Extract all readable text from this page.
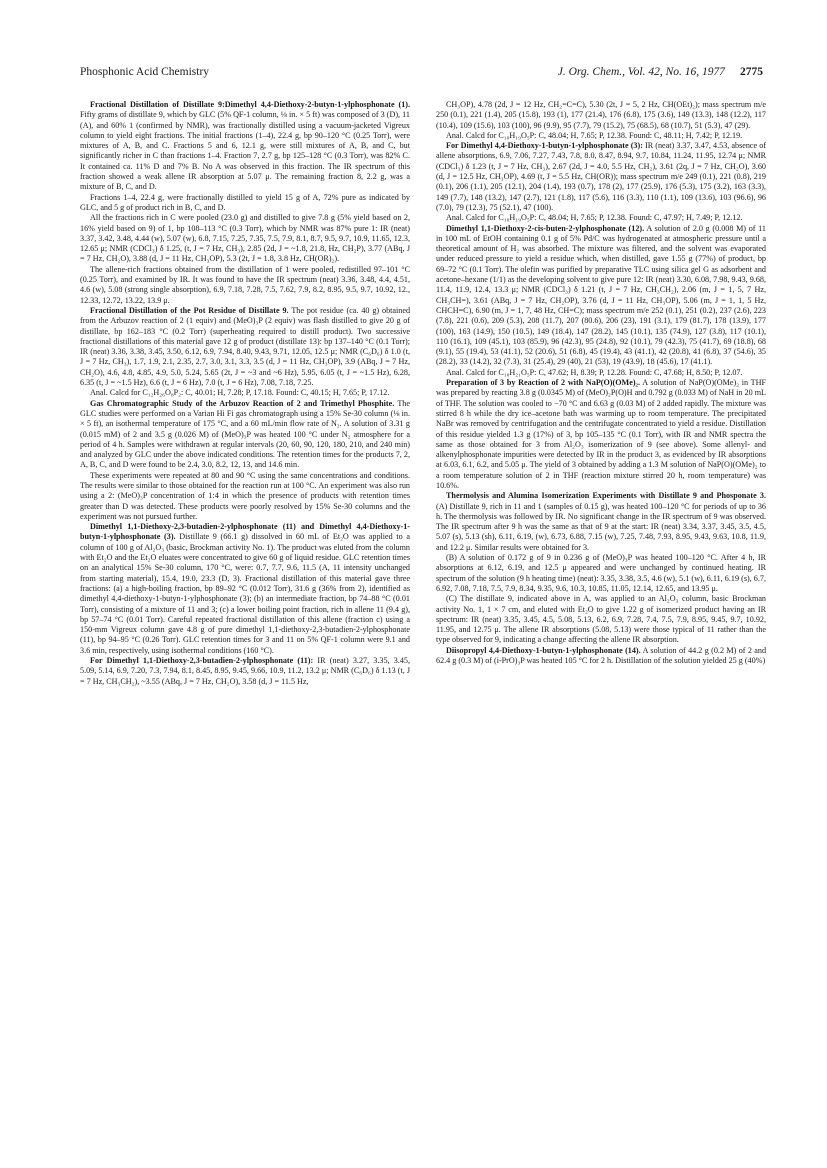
Phosphonic Acid Chemistry	J. Org. Chem., Vol. 42, No. 16, 1977 2775

Fractional Distillation of Distillate 9:Dimethyl 4,4-Diethoxy-2-butyn-1-ylphosphonate (1). Fifty grams of distillate 9, which by GLC (5% QF-1 column, ⅛ in. × 5 ft) was composed of 3 (D), 11 (A), and 60% 1 (confirmed by NMR), was fractionally distilled using a vacuum-jacketed Vigreux column to yield eight fractions. The initial fractions (1–4), 22.4 g, bp 90–120 °C (0.25 Torr), were mixtures of A, B, and C. Fractions 5 and 6, 12.1 g, were still mixtures of A, B, and C, but significantly richer in C than fractions 1–4. Fraction 7, 2.7 g, bp 125–128 °C (0.3 Torr), was 82% C. It contained ca. 11% D and 7% B. No A was observed in this fraction. The IR spectrum of this fraction showed a weak allene IR absorption at 5.07 μ. The remaining fraction 8, 2.2 g, was a mixture of B, C, and D.

Fractions 1–4, 22.4 g, were fractionally distilled to yield 15 g of A, 72% pure as indicated by GLC, and 5 g of product rich in B, C, and D.

All the fractions rich in C were pooled (23.0 g) and distilled to give 7.8 g (5% yield based on 2, 16% yield based on 9) of 1, bp 108–113 °C (0.3 Torr), which by NMR was 87% pure 1: IR (neat) 3.37, 3.42, 3.48, 4.44 (w), 5.07 (w), 6.8, 7.15, 7.25, 7.35, 7.5, 7.9, 8.1, 8.7, 9.5, 9.7, 10.9, 11.65, 12.3, 12.65 μ; NMR (CDCl₃) δ 1.25, (t, J = 7 Hz, CH₃), 2.85 (2d, J = ~1.8, 21.8, Hz, CH₂P), 3.77 (ABq, J = 7 Hz, CH₂O), 3.88 (d, J = 11 Hz, CH₃OP), 5.3 (2t, J = 1.8, 3.8 Hz, CH(OR)₂).

The allene-rich fractions obtained from the distillation of 1 were pooled, redistilled 97–101 °C (0.25 Torr), and examined by IR. It was found to have the IR spectrum (neat) 3.36, 3.48, 4.4, 4.51, 4.6 (w), 5.08 (strong single absorption), 6.9, 7.18, 7.28, 7.5, 7.62, 7.9, 8.2, 8.95, 9.5, 9.7, 10.92, 12., 12.33, 12.72, 13.22, 13.9 μ.

Fractional Distillation of the Pot Residue of Distillate 9. The pot residue (ca. 40 g) obtained from the Arbuzov reaction of 2 (1 equiv) and (MeO)₃P (2 equiv) was flash distilled to give 20 g of distillate, bp 162–183 °C (0.2 Torr) (superheating required to distill product). Two successive fractional distillations of this material gave 12 g of product (distillate 13): bp 137–140 °C (0.1 Torr); IR (neat) 3.36, 3.38, 3.45, 3.50, 6.12, 6.9, 7.94, 8.40, 9.43, 9.71, 12.05, 12.5 μ; NMR (C₆D₆) δ 1.0 (t, J = 7 Hz, CH₃), 1.7, 1.9, 2.1, 2.35, 2.7, 3.0, 3.1, 3.3, 3.5 (d, J = 11 Hz, CH₃OP), 3.9 (ABq, J = 7 Hz, CH₂O), 4.6, 4.8, 4.85, 4.9, 5.0, 5.24, 5.65 (2t, J = ~3 and ~6 Hz), 5.95, 6.05 (t, J = ~1.5 Hz), 6.28, 6.35 (t, J = ~1.5 Hz), 6.6 (t, J = 6 Hz), 7.0 (t, J = 6 Hz), 7.08, 7.18, 7.25.

Anal. Calcd for C₁₂H₂₆O₈P₂: C, 40.01; H, 7.28; P, 17.18. Found: C, 40.15; H, 7.65; P, 17.12.

Gas Chromatographic Study of the Arbuzov Reaction of 2 and Trimethyl Phosphite. The GLC studies were performed on a Varian Hi Fi gas chromatograph using a 15% Se-30 column (⅛ in. × 5 ft), an isothermal temperature of 175 °C, and a 60 mL/min flow rate of N₂. A solution of 3.31 g (0.015 mM) of 2 and 3.5 g (0.026 M) of (MeO)₃P was heated 100 °C under N₂ atmosphere for a period of 4 h. Samples were withdrawn at regular intervals (20, 60, 90, 120, 180, 210, and 240 min) and analyzed by GLC under the above indicated conditions. The retention times for the products 7, 2, A, B, C, and D were found to be 2.4, 3.0, 8.2, 12, 13, and 14.6 min.

These experiments were repeated at 80 and 90 °C using the same concentrations and conditions. The results were similar to those obtained for the reaction run at 100 °C. An experiment was also run using a 2: (MeO)₃P concentration of 1:4 in which the presence of products with retention times greater than D was detected. These products were poorly resolved by 15% Se-30 columns and the experiment was not pursued further.

Dimethyl 1,1-Diethoxy-2,3-butadien-2-ylphosphonate (11) and Dimethyl 4,4-Diethoxy-1-butyn-1-ylphosphonate (3). Distillate 9 (66.1 g) dissolved in 60 mL of Et₂O was applied to a column of 100 g of Al₂O₃ (basic, Brockman activity No. 1). The product was eluted from the column with Et₂O and the Et₂O eluates were concentrated to give 60 g of liquid residue. GLC retention times on an analytical 15% Se-30 column, 170 °C, were: 0.7, 7.7, 9.6, 11.5 (A, 11 intensity unchanged from starting material), 15.4, 19.0, 23.3 (D, 3). Fractional distillation of this material gave three fractions: (a) a high-boiling fraction, bp 89–92 °C (0.012 Torr), 31.6 g (36% from 2), identified as dimethyl 4,4-diethoxy-1-butyn-1-ylphosphonate (3); (b) an intermediate fraction, bp 74–88 °C (0.01 Torr), consisting of a mixture of 11 and 3; (c) a lower boiling point fraction, rich in allene 11 (9.4 g), bp 57–74 °C (0.01 Torr). Careful repeated fractional distillation of this allene (fraction c) using a 150-mm Vigreux column gave 4.8 g of pure dimethyl 1,1-diethoxy-2,3-butadien-2-ylphosphonate (11), bp 94–95 °C (0.26 Torr). GLC retention times for 3 and 11 on 5% QF-1 column were 9.1 and 3.6 min, respectively, using isothermal conditions (160 °C).

For Dimethyl 1,1-Diethoxy-2,3-butadien-2-ylphosphonate (11): IR (neat) 3.27, 3.35, 3.45, 5.09, 5.14, 6.9, 7.20, 7.3, 7.94, 8.1, 8.45, 8.95, 9.45, 9.66, 10.9, 11.2, 13.2 μ; NMR (C₆D₆) δ 1.13 (t, J = 7 Hz, CH₃CH₂), ~3.55 (ABq, J = 7 Hz, CH₂O), 3.58 (d, J = 11.5 Hz,

CH₃OP), 4.78 (2d, J = 12 Hz, CH₂=C=C), 5.30 (2t, J = 5, 2 Hz, CH(OEt)₂); mass spectrum m/e 250 (0.1), 221 (1.4), 205 (15.8), 193 (1), 177 (21.4), 176 (6.8), 175 (3.6), 149 (13.3), 148 (12.2), 117 (10.4), 109 (15.6), 103 (100), 96 (9.9), 95 (7.7), 79 (15.2), 75 (68.5), 68 (10.7), 51 (5.3), 47 (29).

Anal. Calcd for C₁₀H₁₉O₅P: C, 48.04; H, 7.65; P, 12.38. Found: C, 48.11; H, 7.42; P, 12.19.

For Dimethyl 4,4-Diethoxy-1-butyn-1-ylphosphonate (3): IR (neat) 3.37, 3.47, 4.53, absence of allene absorptions, 6.9, 7.06, 7.27, 7.43, 7.8, 8.0, 8.47, 8.94, 9.7, 10.84, 11.24, 11.95, 12.74 μ; NMR (CDCl₃) δ 1.23 (t, J = 7 Hz, CH₃), 2.67 (2d, J = 4.0, 5.5 Hz, CH₂), 3.61 (2q, J = 7 Hz, CH₂O), 3.60 (d, J = 12.5 Hz, CH₃OP), 4.69 (t, J = 5.5 Hz, CH(OR)); mass spectrum m/e 249 (0.1), 221 (0.8), 219 (0.1), 206 (1.1), 205 (12.1), 204 (1.4), 193 (0.7), 178 (2), 177 (25.9), 176 (5.3), 175 (3.2), 163 (3.3), 149 (7.7), 148 (13.2), 147 (2.7), 121 (1.8), 117 (5.6), 116 (3.3), 110 (1.1), 109 (13.6), 103 (96.6), 96 (7.0), 79 (12.3), 75 (52.1), 47 (100).

Anal. Calcd for C₁₀H₁₉O₅P: C, 48.04; H, 7.65; P, 12.38. Found: C, 47.97; H, 7.49; P, 12.12.

Dimethyl 1,1-Diethoxy-2-cis-buten-2-ylphosphonate (12). A solution of 2.0 g (0.008 M) of 11 in 100 mL of EtOH containing 0.1 g of 5% Pd/C was hydrogenated at atmospheric pressure until a theoretical amount of H₂ was absorbed. The mixture was filtered, and the solvent was evaporated under reduced pressure to yield a residue which, when distilled, gave 1.55 g (77%) of product, bp 69–72 °C (0.1 Torr). The olefin was purified by preparative TLC using silica gel G as adsorbent and acetone–hexane (1/1) as the developing solvent to give pure 12: IR (neat) 3.30, 6.08, 7.98, 9.43, 9.68, 11.4, 11.9, 12.4, 13.3 μ; NMR (CDCl₃) δ 1.21 (t, J = 7 Hz, CH₃CH₂), 2.06 (m, J = 1, 5, 7 Hz, CH₃CH=), 3.61 (ABq, J = 7 Hz, CH₂OP), 3.76 (d, J = 11 Hz, CH₃OP), 5.06 (m, J = 1, 1, 5 Hz, CHCH=C), 6.90 (m, J = 1, 7, 48 Hz, CH=C); mass spectrum m/e 252 (0.1), 251 (0.2), 237 (2.6), 223 (7.8), 221 (0.6), 209 (5.3), 208 (11.7), 207 (80.6), 206 (23), 191 (3.1), 179 (81.7), 178 (13.9), 177 (100), 163 (14.9), 150 (10.5), 149 (18.4), 147 (28.2), 145 (10.1), 135 (74.9), 127 (3.8), 117 (10.1), 110 (16.1), 109 (45.1), 103 (85.9), 96 (42.3), 95 (24.8), 92 (10.1), 79 (42.3), 75 (41.7), 69 (18.8), 68 (9.1), 55 (19.4), 53 (41.1), 52 (20.6), 51 (6.8), 45 (19.4), 43 (41.1), 42 (20.8), 41 (6.8), 37 (54.6), 35 (28.2), 33 (14.2), 32 (7.3), 31 (25.4), 29 (40), 21 (53), 19 (43.9), 18 (45.6), 17 (41.1).

Anal. Calcd for C₁₀H₂₁O₅P: C, 47.62; H, 8.39; P, 12.28. Found: C, 47.68; H, 8.50; P, 12.07.

Preparation of 3 by Reaction of 2 with NaP(O)(OMe)₂. A solution of NaP(O)(OMe)₂ in THF was prepared by reacting 3.8 g (0.0345 M) of (MeO)₂P(O)H and 0.792 g (0.033 M) of NaH in 20 mL of THF. The solution was cooled to −70 °C and 6.63 g (0.03 M) of 2 added rapidly. The mixture was stirred 8 h while the dry ice–acetone bath was warming up to room temperature. The precipitated NaBr was removed by centrifugation and the centrifugate concentrated to yield a residue. Distillation of this residue yielded 1.3 g (17%) of 3, bp 105–135 °C (0.1 Torr), with IR and NMR spectra the same as those obtained for 3 from Al₂O₃ isomerization of 9 (see above). Some allenyl- and alkenylphosphonate impurities were detected by IR in the product 3, as evidenced by IR absorptions at 6.03, 6.1, 6.2, and 5.05 μ. The yield of 3 obtained by adding a 1.3 M solution of NaP(O)(OMe)₂ to a room temperature solution of 2 in THF (reaction mixture stirred 20 h, room temperature) was 10.6%.

Thermolysis and Alumina Isomerization Experiments with Distillate 9 and Phosponate 3. (A) Distillate 9, rich in 11 and 1 (samples of 0.15 g), was heated 100–120 °C for periods of up to 36 h. The thermolysis was followed by IR. No significant change in the IR spectrum of 9 was observed. The IR spectrum after 9 h was the same as that of 9 at the start: IR (neat) 3.34, 3.37, 3.45, 3.5, 4.5, 5.07 (s), 5.13 (sh), 6.11, 6.19, (w), 6.73, 6.88, 7.15 (w), 7.25, 7.48, 7.93, 8.95, 9.43, 9.63, 10.8, 11.9, and 12.2 μ. Similar results were obtained for 3.

(B) A solution of 0.172 g of 9 in 0.236 g of (MeO)₃P was heated 100–120 °C. After 4 h, IR absorptions at 6.12, 6.19, and 12.5 μ appeared and were unchanged by continued heating. IR spectrum of the solution (9 h heating time) (neat): 3.35, 3.38, 3.5, 4.6 (w), 5.1 (w), 6.11, 6.19 (s), 6.7, 6.92, 7.08, 7.18, 7.5, 7.9, 8.34, 9.35, 9.6, 10.3, 10.85, 11.05, 12.14, 12.65, and 13.95 μ.

(C) The distillate 9, indicated above in A, was applied to an Al₂O₃ column, basic Brockman activity No. 1, 1 × 7 cm, and eluted with Et₂O to give 1.22 g of isomerized product having an IR spectrum: IR (neat) 3.35, 3.45, 4.5, 5.08, 5.13, 6.2, 6.9, 7.28, 7.4, 7.5, 7.9, 8.95, 9.45, 9.7, 10.92, 11.95, and 12.75 μ. The allene IR absorptions (5.08, 5.13) were those typical of 11 rather than the type observed for 9, indicating a change affecting the allene IR absorption.

Diisopropyl 4,4-Diethoxy-1-butyn-1-ylphosphonate (14). A solution of 44.2 g (0.2 M) of 2 and 62.4 g (0.3 M) of (i-PrO)₃P was heated 105 °C for 2 h. Distillation of the solution yielded 25 g (40%)
